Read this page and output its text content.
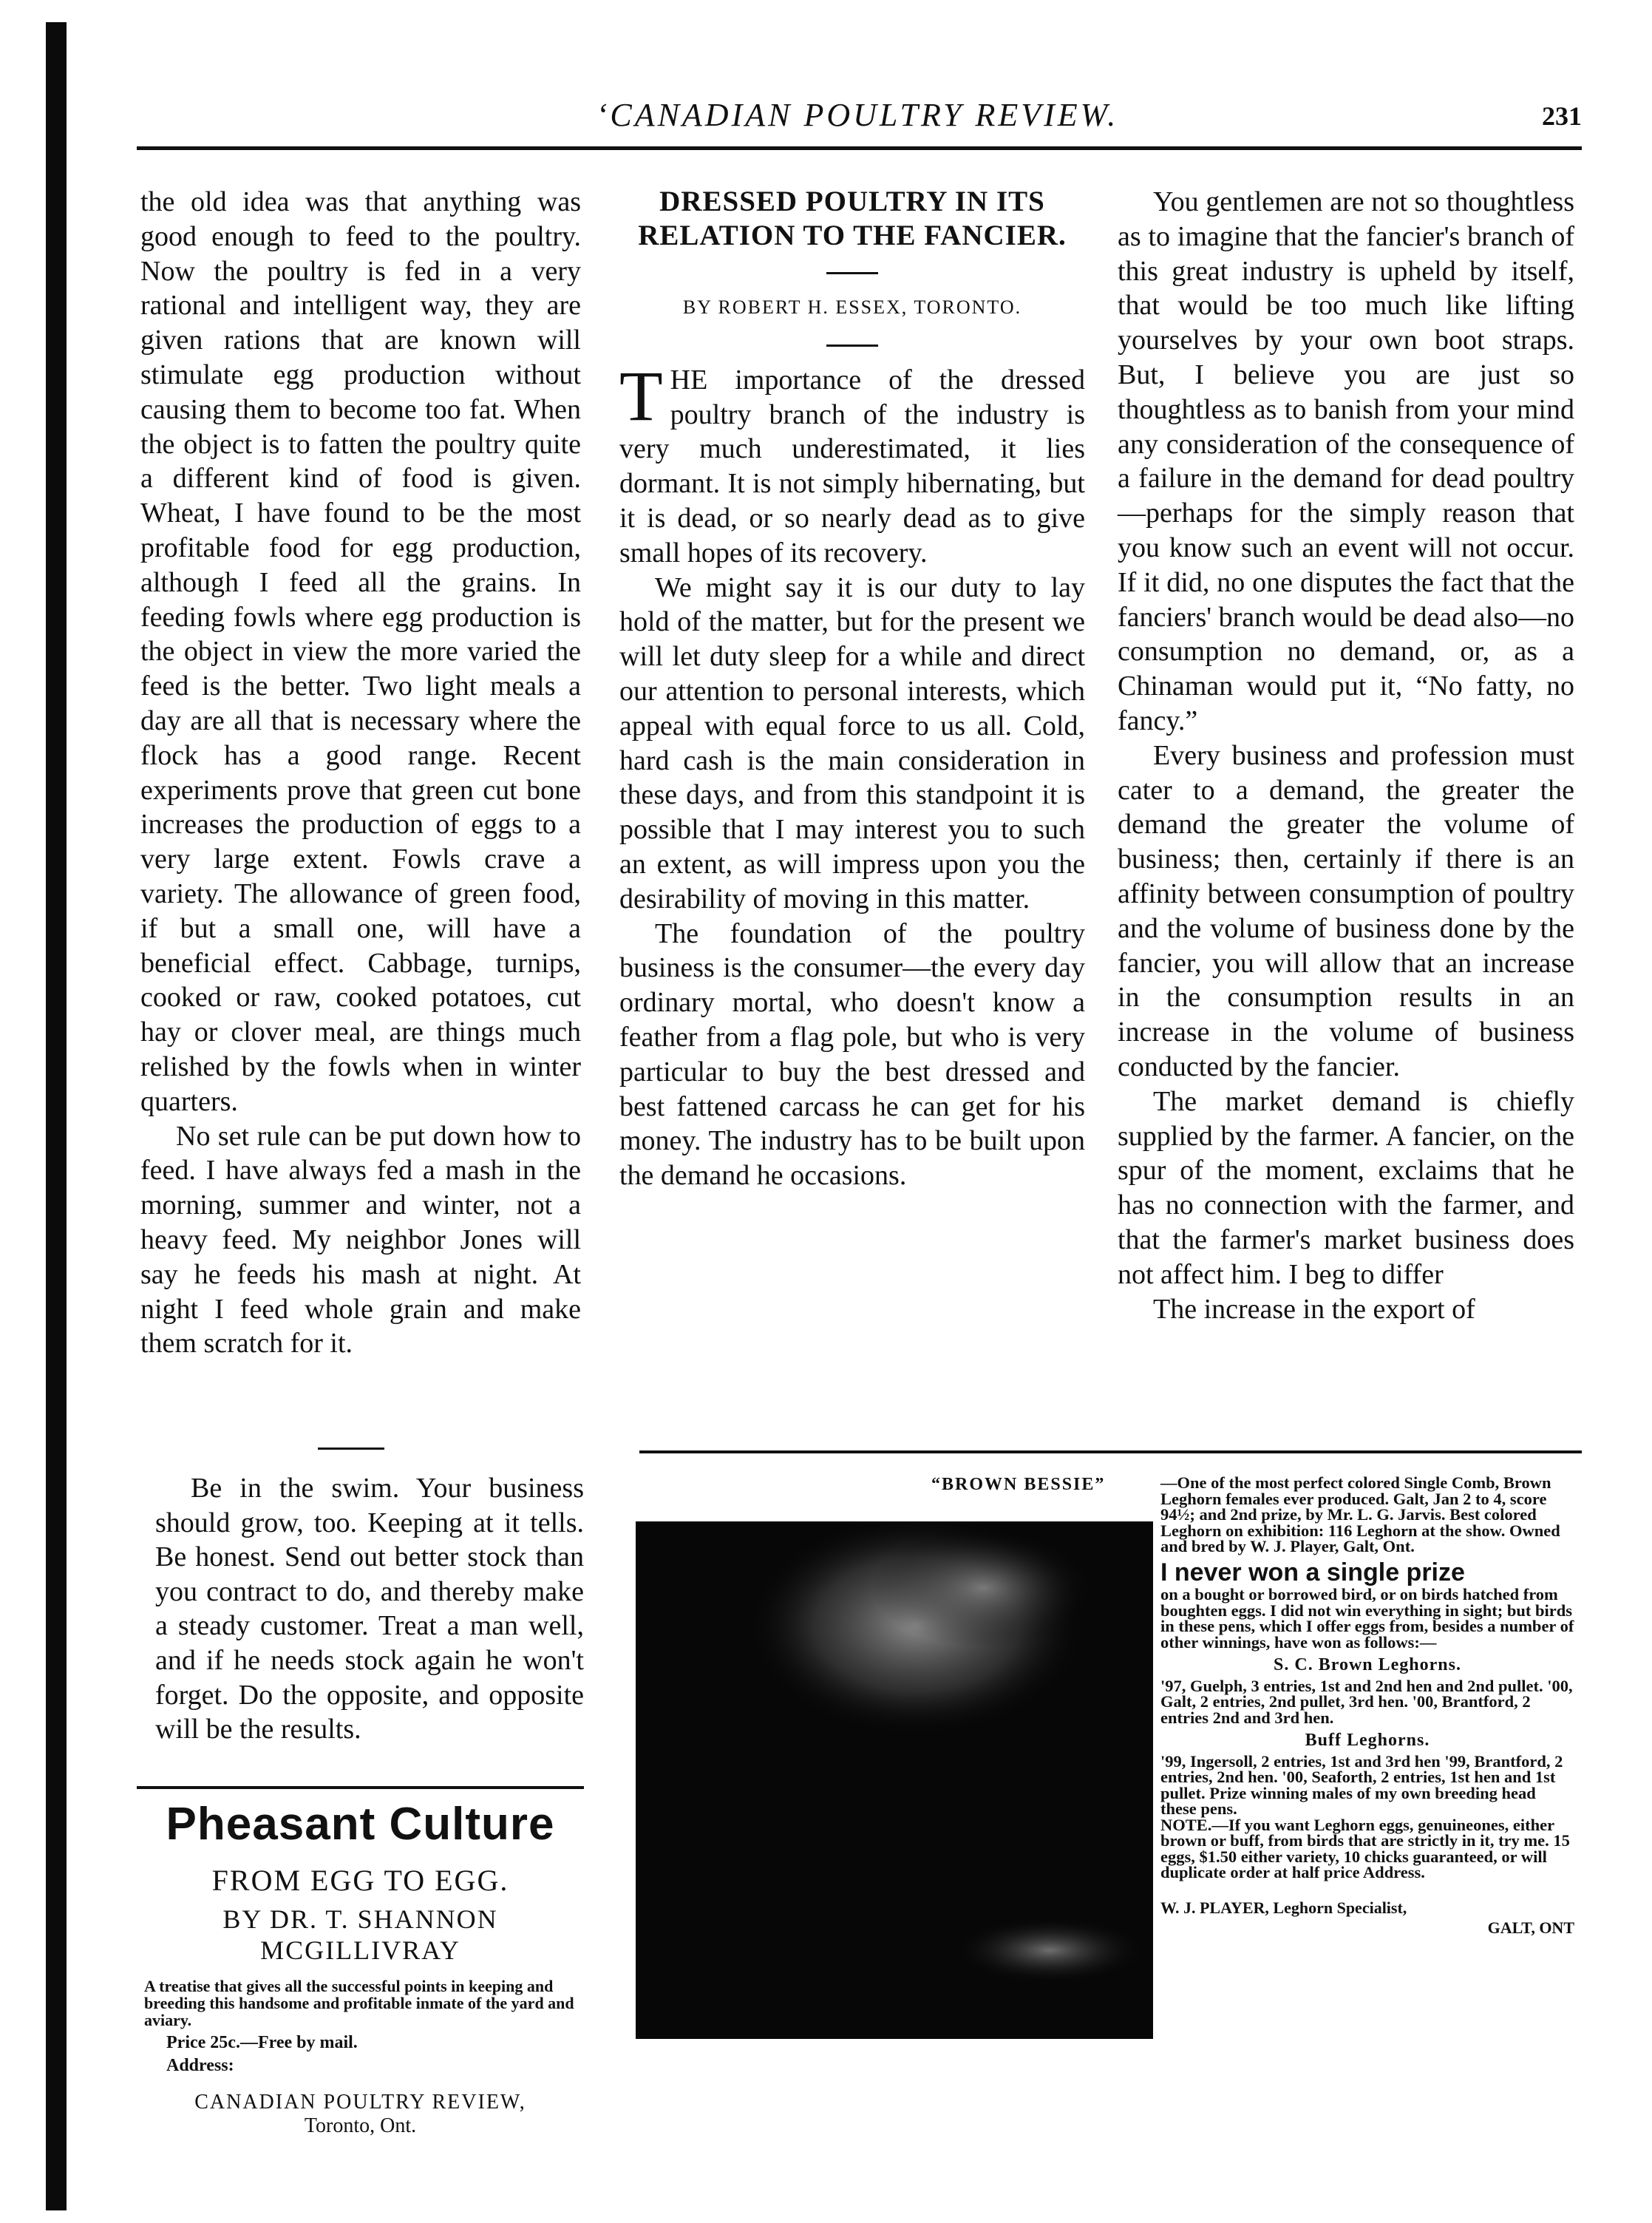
‘CANADIAN POULTRY REVIEW.	231

the old idea was that anything was good enough to feed to the poultry. Now the poultry is fed in a very rational and intelligent way, they are given rations that are known will stimulate egg production without causing them to become too fat. When the object is to fatten the poultry quite a different kind of food is given. Wheat, I have found to be the most profitable food for egg production, although I feed all the grains. In feeding fowls where egg production is the object in view the more varied the feed is the better. Two light meals a day are all that is necessary where the flock has a good range. Recent experiments prove that green cut bone increases the production of eggs to a very large extent. Fowls crave a variety. The allowance of green food, if but a small one, will have a beneficial effect. Cabbage, turnips, cooked or raw, cooked potatoes, cut hay or clover meal, are things much relished by the fowls when in winter quarters.

No set rule can be put down how to feed. I have always fed a mash in the morning, summer and winter, not a heavy feed. My neighbor Jones will say he feeds his mash at night. At night I feed whole grain and make them scratch for it.

DRESSED POULTRY IN ITS RELATION TO THE FANCIER.
BY ROBERT H. ESSEX, TORONTO.

THE importance of the dressed poultry branch of the industry is very much underestimated, it lies dormant. It is not simply hibernating, but it is dead, or so nearly dead as to give small hopes of its recovery.

We might say it is our duty to lay hold of the matter, but for the present we will let duty sleep for a while and direct our attention to personal interests, which appeal with equal force to us all. Cold, hard cash is the main consideration in these days, and from this standpoint it is possible that I may interest you to such an extent, as will impress upon you the desirability of moving in this matter.

The foundation of the poultry business is the consumer—the every day ordinary mortal, who doesn't know a feather from a flag pole, but who is very particular to buy the best dressed and best fattened carcass he can get for his money. The industry has to be built upon the demand he occasions.

You gentlemen are not so thoughtless as to imagine that the fancier's branch of this great industry is upheld by itself, that would be too much like lifting yourselves by your own boot straps. But, I believe you are just so thoughtless as to banish from your mind any consideration of the consequence of a failure in the demand for dead poultry—perhaps for the simply reason that you know such an event will not occur. If it did, no one disputes the fact that the fanciers' branch would be dead also—no consumption no demand, or, as a Chinaman would put it, “No fatty, no fancy.”

Every business and profession must cater to a demand, the greater the demand the greater the volume of business; then, certainly if there is an affinity between consumption of poultry and the volume of business done by the fancier, you will allow that an increase in the consumption results in an increase in the volume of business conducted by the fancier.

The market demand is chiefly supplied by the farmer. A fancier, on the spur of the moment, exclaims that he has no connection with the farmer, and that the farmer's market business does not affect him. I beg to differ

The increase in the export of

Be in the swim. Your business should grow, too. Keeping at it tells. Be honest. Send out better stock than you contract to do, and thereby make a steady customer. Treat a man well, and if he needs stock again he won't forget. Do the opposite, and opposite will be the results.

Pheasant Culture
FROM EGG TO EGG.
BY DR. T. SHANNON MCGILLIVRAY
A treatise that gives all the successful points in keeping and breeding this handsome and profitable inmate of the yard and aviary.
Price 25c.—Free by mail.
Address:
CANADIAN POULTRY REVIEW,
Toronto, Ont.
“BROWN BESSIE”	—One of the most perfect colored Single Comb, Brown Leghorn females ever produced. Galt, Jan 2 to 4, score 94½; and 2nd prize, by Mr. L. G. Jarvis. Best colored Leghorn on exhibition: 116 Leghorn at the show. Owned and bred by W. J. Player, Galt, Ont.

I never won a single prize

on a bought or borrowed bird, or on birds hatched from boughten eggs. I did not win everything in sight; but birds in these pens, which I offer eggs from, besides a number of other winnings, have won as follows:—

S. C. Brown Leghorns.

'97, Guelph, 3 entries, 1st and 2nd hen and 2nd pullet. '00, Galt, 2 entries, 2nd pullet, 3rd hen. '00, Brantford, 2 entries 2nd and 3rd hen.

Buff Leghorns.

'99, Ingersoll, 2 entries, 1st and 3rd hen '99, Brantford, 2 entries, 2nd hen. '00, Seaforth, 2 entries, 1st hen and 1st pullet. Prize winning males of my own breeding head these pens.

NOTE.—If you want Leghorn eggs, genuineones, either brown or buff, from birds that are strictly in it, try me. 15 eggs, $1.50 either variety, 10 chicks guaranteed, or will duplicate order at half price Address.

W. J. PLAYER, Leghorn Specialist,
GALT, ONT
